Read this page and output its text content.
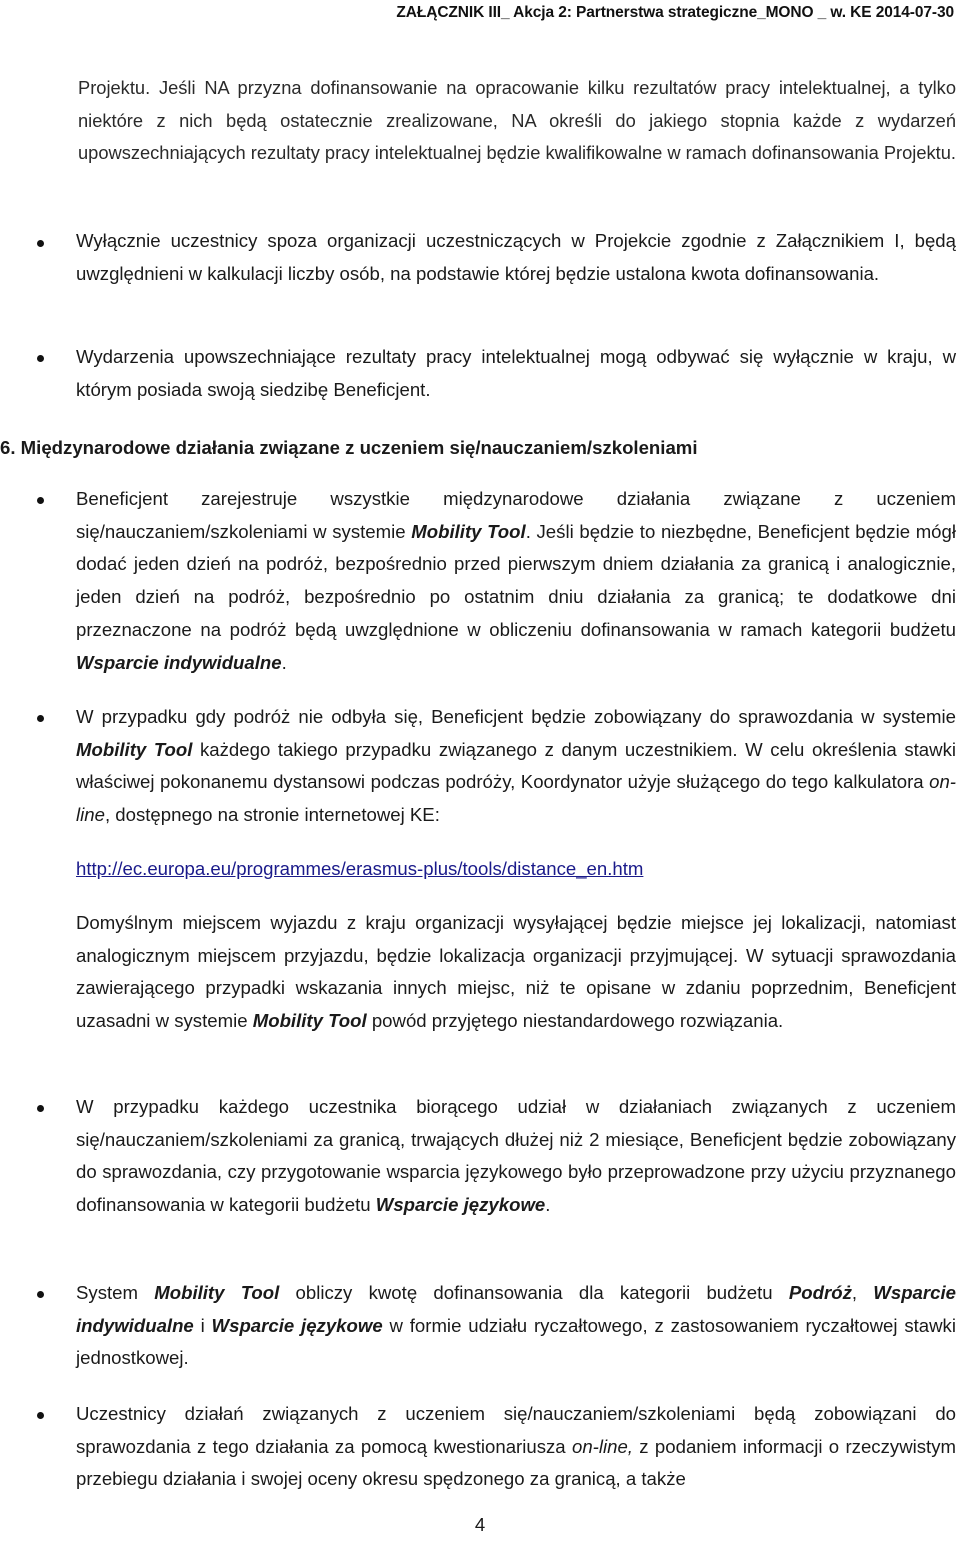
ZAŁĄCZNIK III_ Akcja 2: Partnerstwa strategiczne_MONO _ w. KE 2014-07-30

Projektu. Jeśli NA przyzna dofinansowanie na opracowanie kilku rezultatów pracy intelektualnej, a tylko niektóre z nich będą ostatecznie zrealizowane, NA określi do jakiego stopnia każde z wydarzeń upowszechniających rezultaty pracy intelektualnej będzie kwalifikowalne w ramach dofinansowania Projektu.

Wyłącznie uczestnicy spoza organizacji uczestniczących w Projekcie zgodnie z Załącznikiem I, będą uwzględnieni w kalkulacji liczby osób, na podstawie której będzie ustalona kwota dofinansowania.

Wydarzenia upowszechniające rezultaty pracy intelektualnej mogą odbywać się wyłącznie w kraju, w którym posiada swoją siedzibę Beneficjent.

6. Międzynarodowe działania związane z uczeniem się/nauczaniem/szkoleniami

Beneficjent zarejestruje wszystkie międzynarodowe działania związane z uczeniem się/nauczaniem/szkoleniami w systemie Mobility Tool. Jeśli będzie to niezbędne, Beneficjent będzie mógł dodać jeden dzień na podróż, bezpośrednio przed pierwszym dniem działania za granicą i analogicznie, jeden dzień na podróż, bezpośrednio po ostatnim dniu działania za granicą; te dodatkowe dni przeznaczone na podróż będą uwzględnione w obliczeniu dofinansowania w ramach kategorii budżetu Wsparcie indywidualne.

W przypadku gdy podróż nie odbyła się, Beneficjent będzie zobowiązany do sprawozdania w systemie Mobility Tool każdego takiego przypadku związanego z danym uczestnikiem. W celu określenia stawki właściwej pokonanemu dystansowi podczas podróży, Koordynator użyje służącego do tego kalkulatora on-line, dostępnego na stronie internetowej KE:

http://ec.europa.eu/programmes/erasmus-plus/tools/distance_en.htm

Domyślnym miejscem wyjazdu z kraju organizacji wysyłającej będzie miejsce jej lokalizacji, natomiast analogicznym miejscem przyjazdu, będzie lokalizacja organizacji przyjmującej. W sytuacji sprawozdania zawierającego przypadki wskazania innych miejsc, niż te opisane w zdaniu poprzednim, Beneficjent uzasadni w systemie Mobility Tool powód przyjętego niestandardowego rozwiązania.

W przypadku każdego uczestnika biorącego udział w działaniach związanych z uczeniem się/nauczaniem/szkoleniami za granicą, trwających dłużej niż 2 miesiące, Beneficjent będzie zobowiązany do sprawozdania, czy przygotowanie wsparcia językowego było przeprowadzone przy użyciu przyznanego dofinansowania w kategorii budżetu Wsparcie językowe.

System Mobility Tool obliczy kwotę dofinansowania dla kategorii budżetu Podróż, Wsparcie indywidualne i Wsparcie językowe w formie udziału ryczałtowego, z zastosowaniem ryczałtowej stawki jednostkowej.

Uczestnicy działań związanych z uczeniem się/nauczaniem/szkoleniami będą zobowiązani do sprawozdania z tego działania za pomocą kwestionariusza on-line, z podaniem informacji o rzeczywistym przebiegu działania i swojej oceny okresu spędzonego za granicą, a także

4
